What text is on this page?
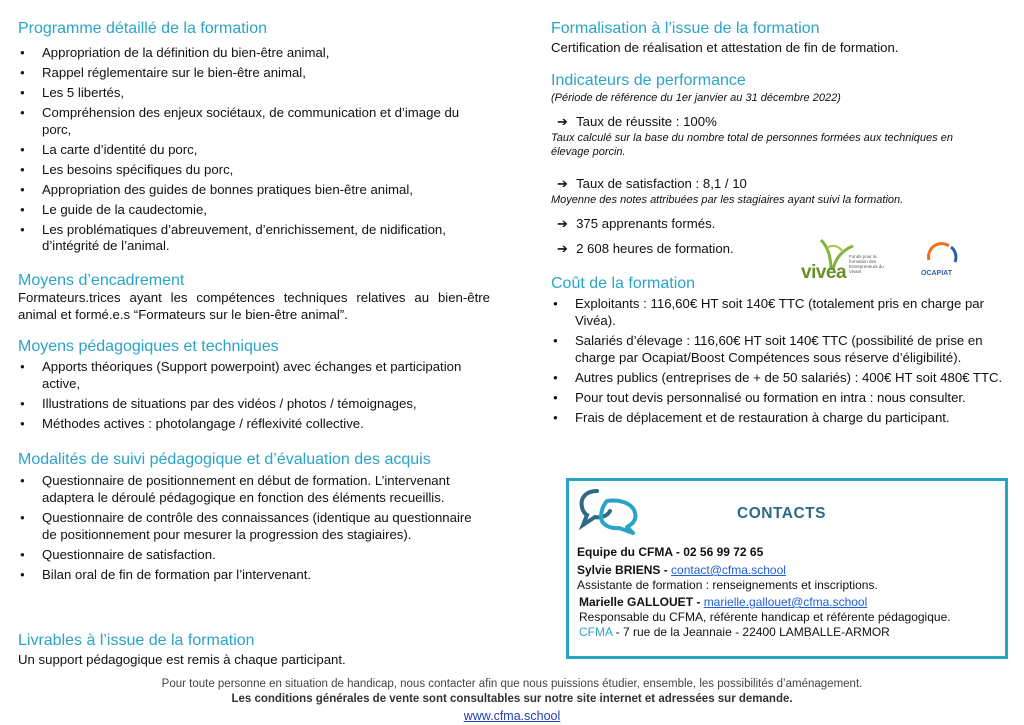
Programme détaillé de la formation
● Appropriation de la définition du bien-être animal,
● Rappel réglementaire sur le bien-être animal,
● Les 5 libertés,
● Compréhension des enjeux sociétaux, de communication et d’image du porc,
● La carte d’identité du porc,
● Les besoins spécifiques du porc,
● Appropriation des guides de bonnes pratiques bien-être animal,
● Le guide de la caudectomie,
● Les problématiques d’abreuvement, d’enrichissement, de nidification, d’intégrité de l’animal.
Moyens d’encadrement

Formateurs.trices ayant les compétences techniques relatives au bien-être animal et formé.e.s “Formateurs sur le bien-être animal”.

Moyens pédagogiques et techniques
● Apports théoriques (Support powerpoint) avec échanges et participation active,
● Illustrations de situations par des vidéos / photos / témoignages,
● Méthodes actives : photolangage / réflexivité collective.
Modalités de suivi pédagogique et d’évaluation des acquis
● Questionnaire de positionnement en début de formation. L’intervenant adaptera le déroulé pédagogique en fonction des éléments recueillis.
● Questionnaire de contrôle des connaissances (identique au questionnaire de positionnement pour mesurer la progression des stagiaires).
● Questionnaire de satisfaction.
● Bilan oral de fin de formation par l’intervenant.
Livrables à l’issue de la formation

Un support pédagogique est remis à chaque participant.

Formalisation à l’issue de la formation

Certification de réalisation et attestation de fin de formation.

Indicateurs de performance

(Période de référence du 1er janvier au 31 décembre 2022)

➔ Taux de réussite : 100%

Taux calculé sur la base du nombre total de personnes formées aux techniques en élevage porcin.

➔ Taux de satisfaction : 8,1 / 10

Moyenne des notes attribuées par les stagiaires ayant suivi la formation.

➔ 375 apprenants formés.

➔ 2 608 heures de formation.

vivea
Fonds pour la formation des Entrepreneurs du Vivant	OCAPIAT
Coût de la formation
● Exploitants : 116,60€ HT soit 140€ TTC (totalement pris en charge par Vivéa).
● Salariés d’élevage : 116,60€ HT soit 140€ TTC (possibilité de prise en charge par Ocapiat/Boost Compétences sous réserve d’éligibilité).
● Autres publics (entreprises de + de 50 salariés) : 400€ HT soit 480€ TTC.
● Pour tout devis personnalisé ou formation en intra : nous consulter.
● Frais de déplacement et de restauration à charge du participant.
CONTACTS
Equipe du CFMA - 02 56 99 72 65
Sylvie BRIENS - contact@cfma.school
Assistante de formation : renseignements et inscriptions.
Marielle GALLOUET - marielle.gallouet@cfma.school
Responsable du CFMA, référente handicap et référente pédagogique.
CFMA - 7 rue de la Jeannaie - 22400 LAMBALLE-ARMOR

Pour toute personne en situation de handicap, nous contacter afin que nous puissions étudier, ensemble, les possibilités d’aménagement.

Les conditions générales de vente sont consultables sur notre site internet et adressées sur demande.

www.cfma.school
